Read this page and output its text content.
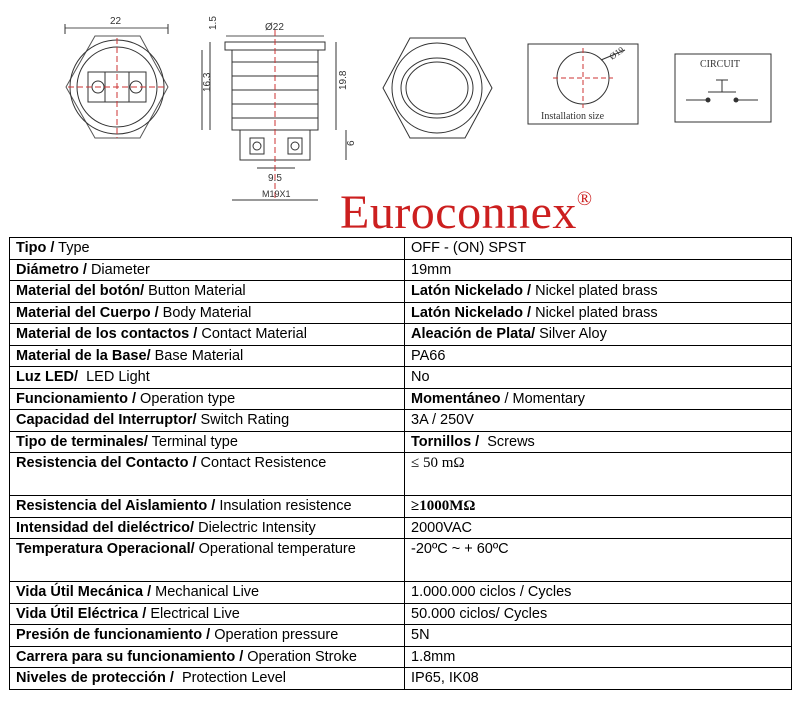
22	1.5	Ø22
16.3	19.8
6
9.5
M19X1
Ø19
Installation size
CIRCUIT
Euroconnex®
Tipo / Type	OFF - (ON) SPST
Diámetro / Diameter	19mm
Material del botón/ Button Material	Latón Nickelado / Nickel plated brass
Material del Cuerpo / Body Material	Latón Nickelado / Nickel plated brass
Material de los contactos / Contact Material	Aleación de Plata/ Silver Aloy
Material de la Base/ Base Material	PA66
Luz LED/  LED Light	No
Funcionamiento / Operation type	Momentáneo / Momentary
Capacidad del Interruptor/ Switch Rating	3A / 250V
Tipo de terminales/ Terminal type	Tornillos /  Screws
Resistencia del Contacto / Contact Resistence	≤ 50 mΩ
Resistencia del Aislamiento / Insulation resistence	≥1000MΩ
Intensidad del dieléctrico/ Dielectric Intensity	2000VAC
Temperatura Operacional/ Operational temperature	-20ºC ~ + 60ºC
Vida Útil Mecánica / Mechanical Live	1.000.000 ciclos / Cycles
Vida Útil Eléctrica / Electrical Live	50.000 ciclos/ Cycles
Presión de funcionamiento / Operation pressure	5N
Carrera para su funcionamiento / Operation Stroke	1.8mm
Niveles de protección /  Protection Level	IP65, IK08
